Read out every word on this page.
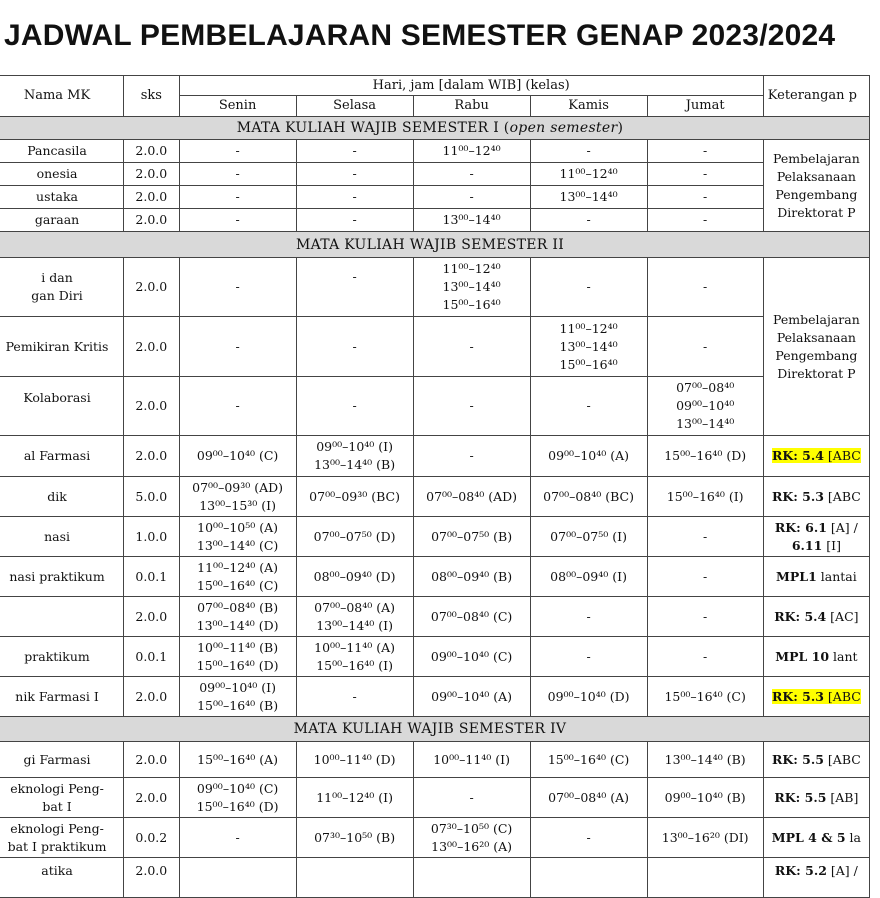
JADWAL PEMBELAJARAN SEMESTER GENAP 2023/2024
Nama MK	sks	Hari, jam [dalam WIB] (kelas)					Keterangan p
		Senin	Selasa	Rabu	Kamis	Jumat	
MATA KULIAH WAJIB SEMESTER I (open semester)							
Pancasila	2.0.0	-	-	11⁰⁰–12⁴⁰	-	-	Pembelajaran
Pelaksanaan
Pengembang
Direktorat P

onesia	2.0.0	-	-	-	11⁰⁰–12⁴⁰	-	
ustaka	2.0.0	-	-	-	13⁰⁰–14⁴⁰	-	
garaan	2.0.0	-	-	13⁰⁰–14⁴⁰	-	-	
MATA KULIAH WAJIB SEMESTER II							

i dan
gan Diri	2.0.0	-	-	11⁰⁰–12⁴⁰
13⁰⁰–14⁴⁰
15⁰⁰–16⁴⁰	-	-	Pembelajaran
Pelaksanaan
Pengembang
Direktorat P

Pemikiran Kritis	2.0.0	-	-	-	11⁰⁰–12⁴⁰
13⁰⁰–14⁴⁰
15⁰⁰–16⁴⁰	-	
Kolaborasi	2.0.0	-	-	-	-	07⁰⁰–08⁴⁰
09⁰⁰–10⁴⁰
13⁰⁰–14⁴⁰	

al Farmasi	2.0.0	09⁰⁰–10⁴⁰ (C)	09⁰⁰–10⁴⁰ (I)
13⁰⁰–14⁴⁰ (B)	-	09⁰⁰–10⁴⁰ (A)	15⁰⁰–16⁴⁰ (D)	RK: 5.4 [ABC
dik	5.0.0	07⁰⁰–09³⁰ (AD)
13⁰⁰–15³⁰ (I)	07⁰⁰–09³⁰ (BC)	07⁰⁰–08⁴⁰ (AD)	07⁰⁰–08⁴⁰ (BC)	15⁰⁰–16⁴⁰ (I)	RK: 5.3 [ABC
nasi	1.0.0	10⁰⁰–10⁵⁰ (A)
13⁰⁰–14⁴⁰ (C)	07⁰⁰–07⁵⁰ (D)	07⁰⁰–07⁵⁰ (B)	07⁰⁰–07⁵⁰ (I)	-	RK: 6.1 [A] /
6.11 [I]

nasi praktikum	0.0.1	11⁰⁰–12⁴⁰ (A)
15⁰⁰–16⁴⁰ (C)	08⁰⁰–09⁴⁰ (D)	08⁰⁰–09⁴⁰ (B)	08⁰⁰–09⁴⁰ (I)	-	MPL1 lantai
	2.0.0	07⁰⁰–08⁴⁰ (B)
13⁰⁰–14⁴⁰ (D)	07⁰⁰–08⁴⁰ (A)
13⁰⁰–14⁴⁰ (I)	07⁰⁰–08⁴⁰ (C)	-	-	RK: 5.4 [AC]
praktikum	0.0.1	10⁰⁰–11⁴⁰ (B)
15⁰⁰–16⁴⁰ (D)	10⁰⁰–11⁴⁰ (A)
15⁰⁰–16⁴⁰ (I)	09⁰⁰–10⁴⁰ (C)	-	-	MPL 10 lant
nik Farmasi I	2.0.0	09⁰⁰–10⁴⁰ (I)
15⁰⁰–16⁴⁰ (B)	-	09⁰⁰–10⁴⁰ (A)	09⁰⁰–10⁴⁰ (D)	15⁰⁰–16⁴⁰ (C)	RK: 5.3 [ABC
MATA KULIAH WAJIB SEMESTER IV							
gi Farmasi	2.0.0	15⁰⁰–16⁴⁰ (A)	10⁰⁰–11⁴⁰ (D)	10⁰⁰–11⁴⁰ (I)	15⁰⁰–16⁴⁰ (C)	13⁰⁰–14⁴⁰ (B)	RK: 5.5 [ABC

eknologi Peng-
bat I	2.0.0	09⁰⁰–10⁴⁰ (C)
15⁰⁰–16⁴⁰ (D)	11⁰⁰–12⁴⁰ (I)	-	07⁰⁰–08⁴⁰ (A)	09⁰⁰–10⁴⁰ (B)	RK: 5.5 [AB]

eknologi Peng-
bat I praktikum	0.0.2	-	07³⁰–10⁵⁰ (B)	07³⁰–10⁵⁰ (C)
13⁰⁰–16²⁰ (A)	-	13⁰⁰–16²⁰ (DI)	MPL 4 & 5 la
atika	2.0.0						RK: 5.2 [A] /
